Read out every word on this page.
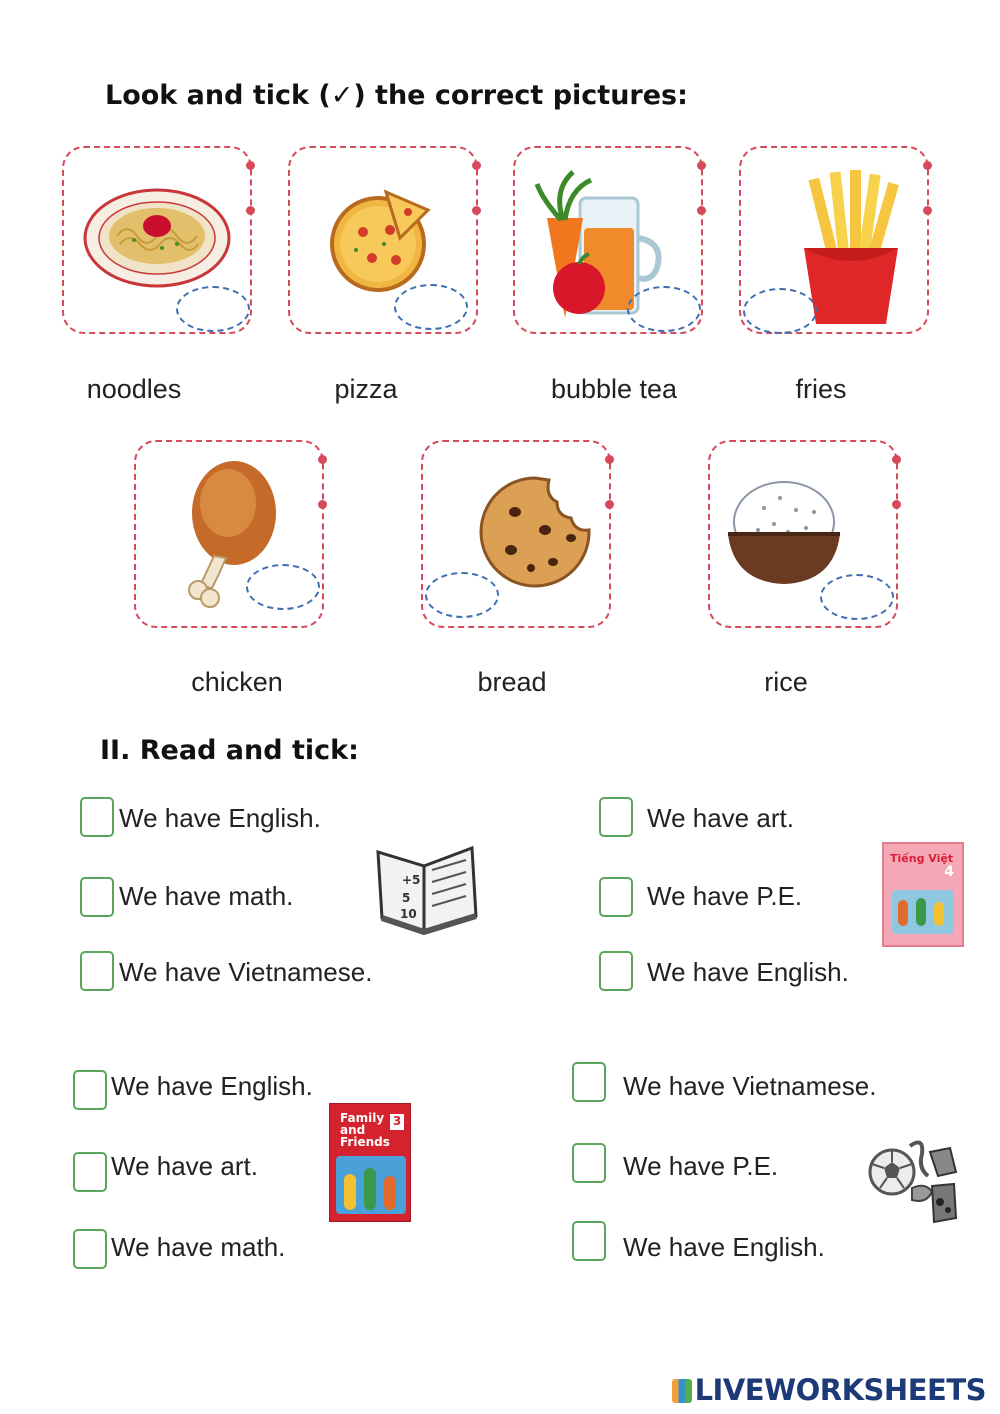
Look and tick (✓) the correct pictures:
noodles	pizza	bubble tea	fries
chicken	bread	rice
II. Read and tick:
We have English.
We have math.
We have Vietnamese.
+5
5
10
We have art.
We have P.E.
We have English.
Tiếng Việt
4
We have English.
We have art.
We have math.
Family and Friends
3
We have Vietnamese.
We have P.E.
We have English.
LIVEWORKSHEETS
